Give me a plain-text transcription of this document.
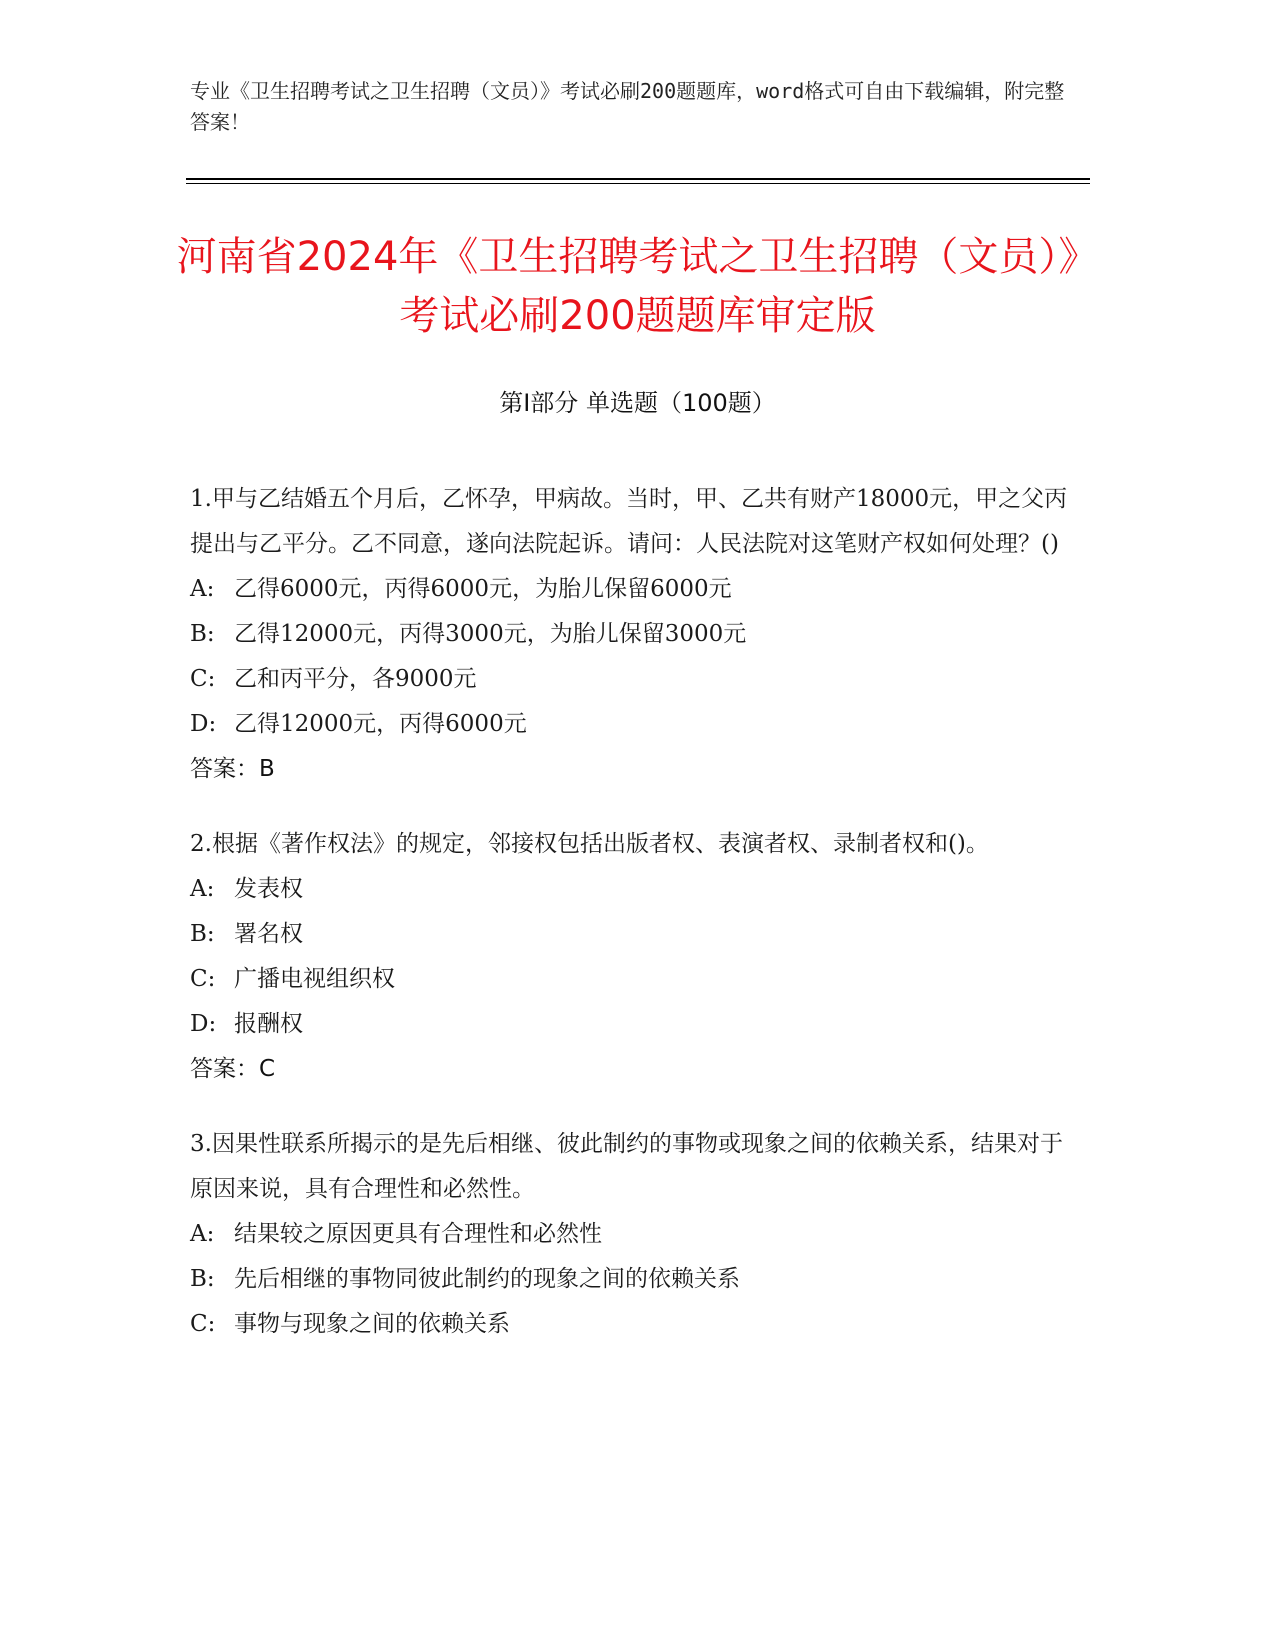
专业《卫生招聘考试之卫生招聘（文员）》考试必刷200题题库，word格式可自由下载编辑，附完整答案！
河南省2024年《卫生招聘考试之卫生招聘（文员）》考试必刷200题题库审定版
第Ⅰ部分 单选题（100题）

1.甲与乙结婚五个月后，乙怀孕，甲病故。当时，甲、乙共有财产18000元，甲之父丙提出与乙平分。乙不同意，遂向法院起诉。请问：人民法院对这笔财产权如何处理？()

A: 乙得6000元，丙得6000元，为胎儿保留6000元

B: 乙得12000元，丙得3000元，为胎儿保留3000元

C: 乙和丙平分，各9000元

D: 乙得12000元，丙得6000元

答案：B

2.根据《著作权法》的规定，邻接权包括出版者权、表演者权、录制者权和()。

A: 发表权

B: 署名权

C: 广播电视组织权

D: 报酬权

答案：C

3.因果性联系所揭示的是先后相继、彼此制约的事物或现象之间的依赖关系，结果对于原因来说，具有合理性和必然性。

A: 结果较之原因更具有合理性和必然性

B: 先后相继的事物同彼此制约的现象之间的依赖关系

C: 事物与现象之间的依赖关系
